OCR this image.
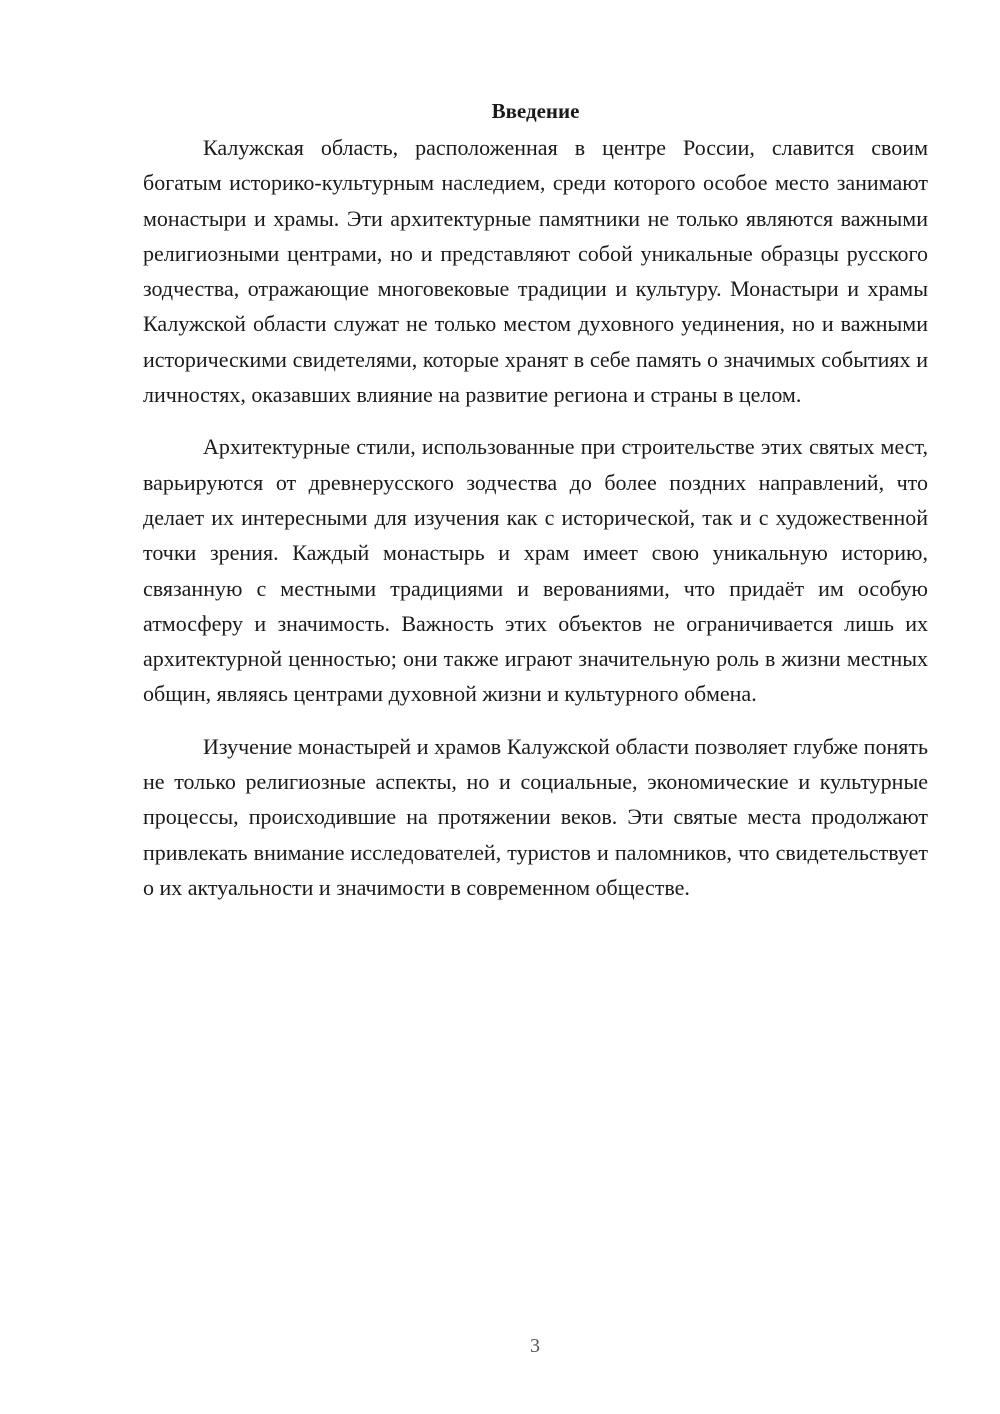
Введение

Калужская область, расположенная в центре России, славится своим богатым историко-культурным наследием, среди которого особое место занимают монастыри и храмы. Эти архитектурные памятники не только являются важными религиозными центрами, но и представляют собой уникальные образцы русского зодчества, отражающие многовековые традиции и культуру. Монастыри и храмы Калужской области служат не только местом духовного уединения, но и важными историческими свидетелями, которые хранят в себе память о значимых событиях и личностях, оказавших влияние на развитие региона и страны в целом.

Архитектурные стили, использованные при строительстве этих святых мест, варьируются от древнерусского зодчества до более поздних направлений, что делает их интересными для изучения как с исторической, так и с художественной точки зрения. Каждый монастырь и храм имеет свою уникальную историю, связанную с местными традициями и верованиями, что придаёт им особую атмосферу и значимость. Важность этих объектов не ограничивается лишь их архитектурной ценностью; они также играют значительную роль в жизни местных общин, являясь центрами духовной жизни и культурного обмена.

Изучение монастырей и храмов Калужской области позволяет глубже понять не только религиозные аспекты, но и социальные, экономические и культурные процессы, происходившие на протяжении веков. Эти святые места продолжают привлекать внимание исследователей, туристов и паломников, что свидетельствует о их актуальности и значимости в современном обществе.

3
